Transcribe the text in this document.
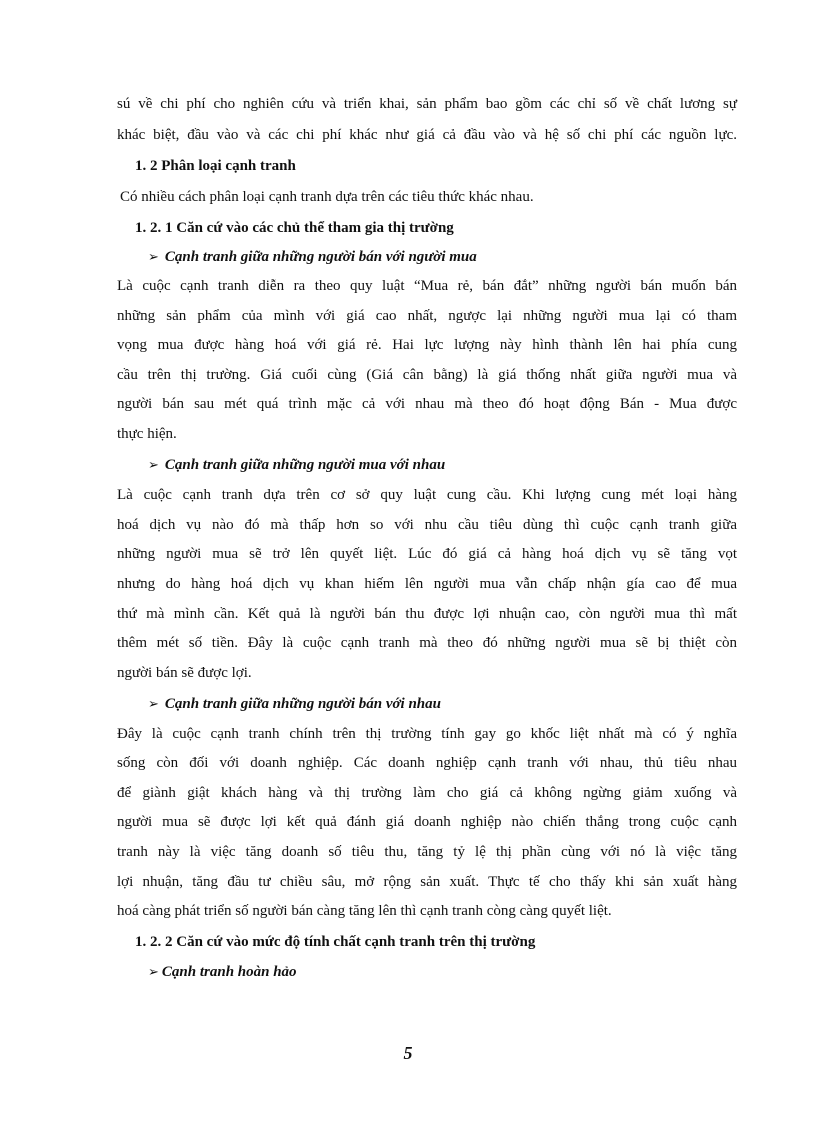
sú về chi phí cho nghiên cứu và triển khai, sản phẩm bao gồm các chỉ số về chất lương sự
khác biệt, đầu vào và các chi phí khác như giá cả đầu vào và hệ số chi phí các nguồn lực.
1. 2 Phân loại cạnh tranh
Có nhiều cách phân loại cạnh tranh dựa trên các tiêu thức khác nhau.
1. 2. 1 Căn cứ vào các chủ thể tham gia thị trường
➢ Cạnh tranh giữa những người bán với người mua
Là cuộc cạnh tranh diễn ra theo quy luật “Mua rẻ, bán đắt” những người bán muốn bán
những sản phẩm của mình với giá cao nhất, ngược lại những người mua lại có tham
vọng mua được hàng hoá với giá rẻ. Hai lực lượng này hình thành lên hai phía cung
cầu trên thị trường. Giá cuối cùng (Giá cân bằng) là giá thống nhất giữa người mua và
người bán sau mét quá trình mặc cả với nhau mà theo đó hoạt động Bán - Mua được
thực hiện.
➢ Cạnh tranh giữa những người mua với nhau
Là cuộc cạnh tranh dựa trên cơ sở quy luật cung cầu. Khi lượng cung mét loại hàng
hoá dịch vụ nào đó mà thấp hơn so với nhu cầu tiêu dùng thì cuộc cạnh tranh giữa
những người mua sẽ trở lên quyết liệt. Lúc đó giá cả hàng hoá dịch vụ sẽ tăng vọt
nhưng do hàng hoá dịch vụ khan hiếm lên người mua vẫn chấp nhận gía cao để mua
thứ mà mình cần. Kết quả là người bán thu được lợi nhuận cao, còn người mua thì mất
thêm mét số tiền. Đây là cuộc cạnh tranh mà theo đó những người mua sẽ bị thiệt còn
người bán sẽ được lợi.
➢ Cạnh tranh giữa những người bán với nhau
Đây là cuộc cạnh tranh chính trên thị trường tính gay go khốc liệt nhất mà có ý nghĩa
sống còn đối với doanh nghiệp. Các doanh nghiệp cạnh tranh với nhau, thủ tiêu nhau
để giành giật khách hàng và thị trường làm cho giá cả không ngừng giảm xuống và
người mua sẽ được lợi kết quả đánh giá doanh nghiệp nào chiến thắng trong cuộc cạnh
tranh này là việc tăng doanh số tiêu thu, tăng tỷ lệ thị phần cùng với nó là việc tăng
lợi nhuận, tăng đầu tư chiều sâu, mở rộng sản xuất. Thực tế cho thấy khi sản xuất hàng
hoá càng phát triển số người bán càng tăng lên thì cạnh tranh còng càng quyết liệt.
1. 2. 2 Căn cứ vào mức độ tính chất cạnh tranh trên thị trường
➢ Cạnh tranh hoàn hảo
5
